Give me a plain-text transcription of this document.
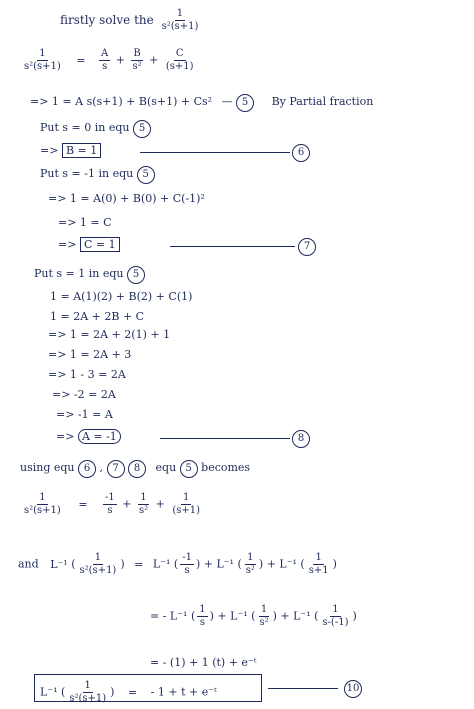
firstly solve the $\frac{1}{\text{s²(s+1)}}$
$\frac{1}{\text{s²(s+1)}} = \frac{A}{s} + \frac{B}{\text{s²}} + \frac{C}{(s+1)}$
=> 1 = A s(s+1) + B(s+1) + Cs² — 5 By Partial fraction
Put s = 0 in equ 5
=> B = 1	6
Put s = -1 in equ 5
=> 1 = A(0) + B(0) + C(-1)²
=> 1 = C
=> C = 1	7
Put s = 1 in equ 5
1 = A(1)(2) + B(2) + C(1)
1 = 2A + 2B + C
=> 1 = 2A + 2(1) + 1
=> 1 = 2A + 3
=> 1 - 3 = 2A
=> -2 = 2A
=> -1 = A
=> A = -1	8
using equ 6 , 7 8 equ 5 becomes
$\frac{1}{\text{s²(s+1)}} = \frac{-1}{s} + \frac{1}{\text{s²}} + \frac{1}{(s+1)}$
and L⁻¹ ( $\frac{1}{\text{s²(s+1)}}$ ) = L⁻¹ ( $\frac{-1}{s}$ ) + L⁻¹ ( $\frac{1}{\text{s²}}$ ) + L⁻¹ ( $\frac{1}{s+1}$ )
= - L⁻¹ ( $\frac{1}{s}$ ) + L⁻¹ ( $\frac{1}{\text{s²}}$ ) + L⁻¹ ( $\frac{1}{s-(-1)}$ )
= - (1) + 1 (t) + e⁻ᵗ
L⁻¹ ( $\frac{1}{\text{s²(s+1)}}$ ) = - 1 + t + e⁻ᵗ	10
